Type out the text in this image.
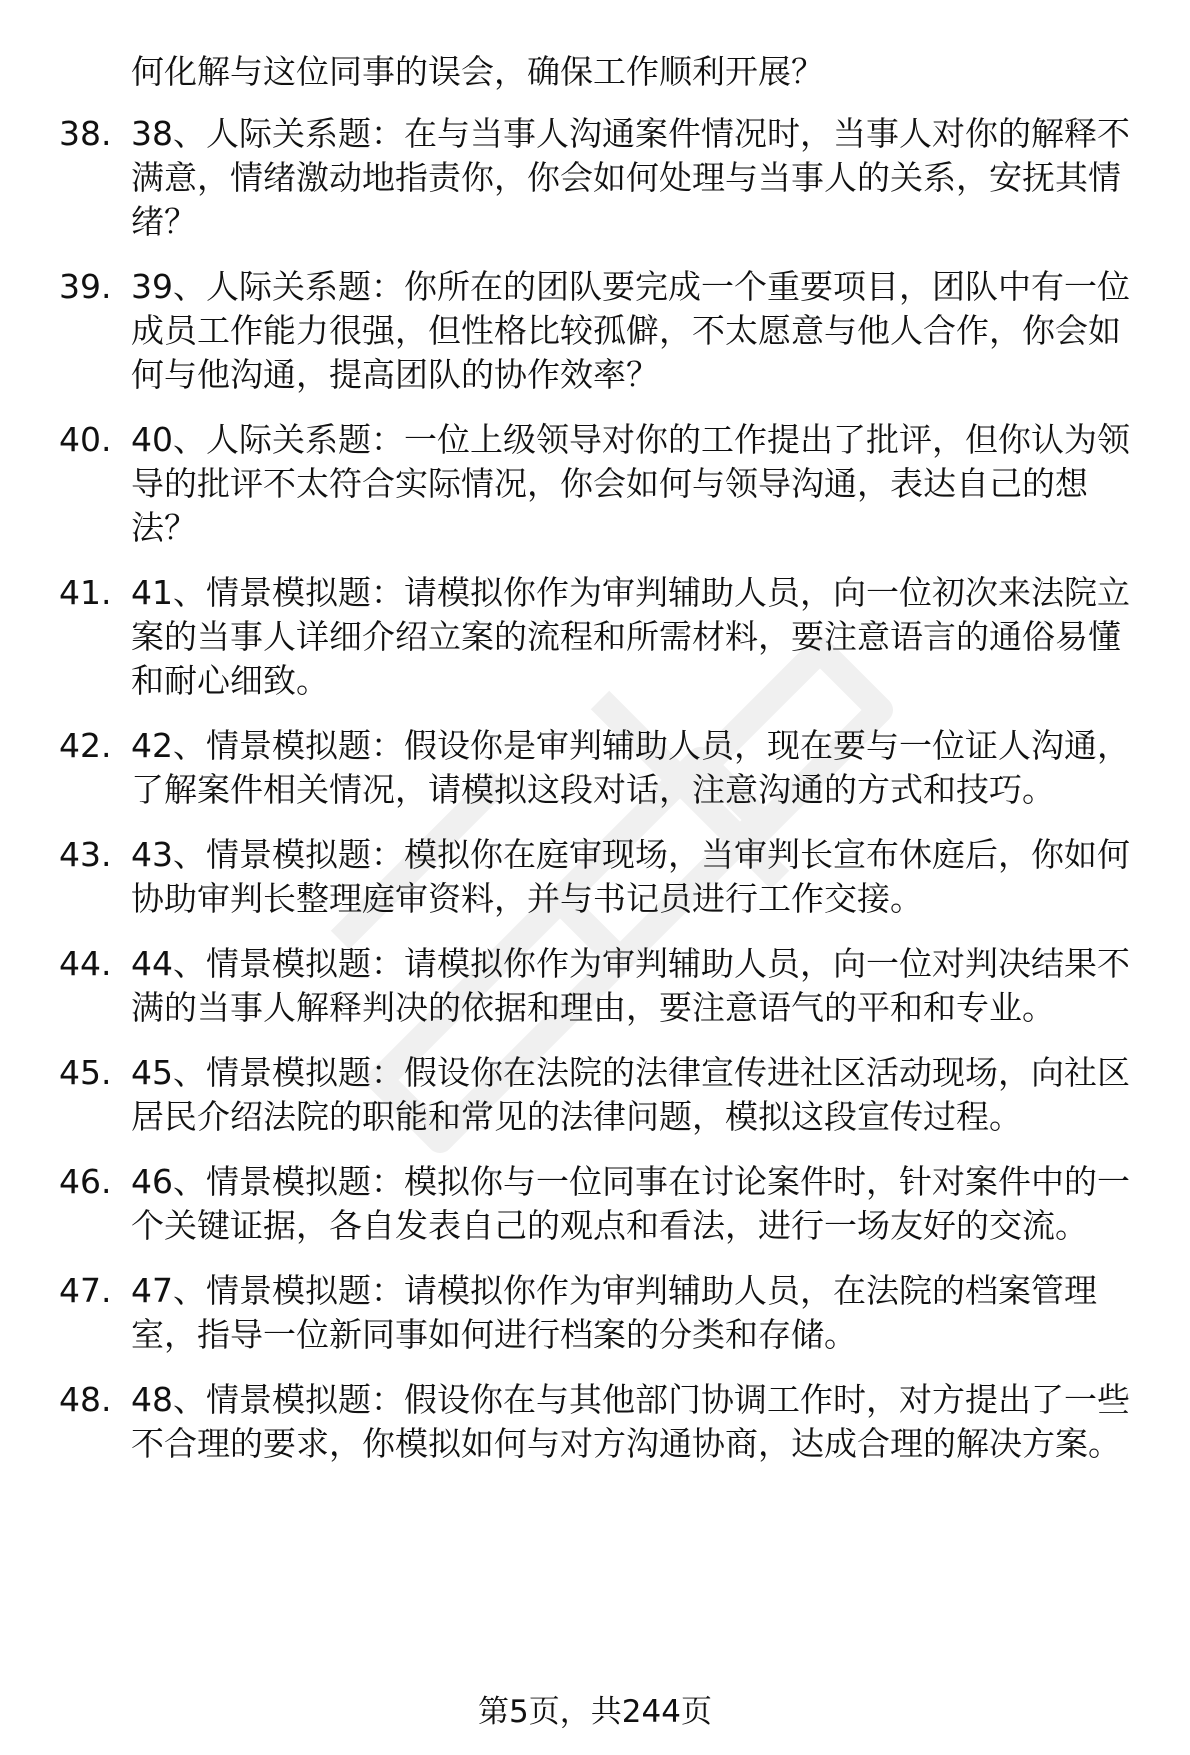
何化解与这位同事的误会，确保工作顺利开展？

38. 38、人际关系题：在与当事人沟通案件情况时，当事人对你的解释不满意，情绪激动地指责你，你会如何处理与当事人的关系，安抚其情绪？
39. 39、人际关系题：你所在的团队要完成一个重要项目，团队中有一位成员工作能力很强，但性格比较孤僻，不太愿意与他人合作，你会如何与他沟通，提高团队的协作效率？
40. 40、人际关系题：一位上级领导对你的工作提出了批评，但你认为领导的批评不太符合实际情况，你会如何与领导沟通，表达自己的想法？
41. 41、情景模拟题：请模拟你作为审判辅助人员，向一位初次来法院立案的当事人详细介绍立案的流程和所需材料，要注意语言的通俗易懂和耐心细致。
42. 42、情景模拟题：假设你是审判辅助人员，现在要与一位证人沟通，了解案件相关情况，请模拟这段对话，注意沟通的方式和技巧。
43. 43、情景模拟题：模拟你在庭审现场，当审判长宣布休庭后，你如何协助审判长整理庭审资料，并与书记员进行工作交接。
44. 44、情景模拟题：请模拟你作为审判辅助人员，向一位对判决结果不满的当事人解释判决的依据和理由，要注意语气的平和和专业。
45. 45、情景模拟题：假设你在法院的法律宣传进社区活动现场，向社区居民介绍法院的职能和常见的法律问题，模拟这段宣传过程。
46. 46、情景模拟题：模拟你与一位同事在讨论案件时，针对案件中的一个关键证据，各自发表自己的观点和看法，进行一场友好的交流。
47. 47、情景模拟题：请模拟你作为审判辅助人员，在法院的档案管理室，指导一位新同事如何进行档案的分类和存储。
48. 48、情景模拟题：假设你在与其他部门协调工作时，对方提出了一些不合理的要求，你模拟如何与对方沟通协商，达成合理的解决方案。
第5页，共244页
